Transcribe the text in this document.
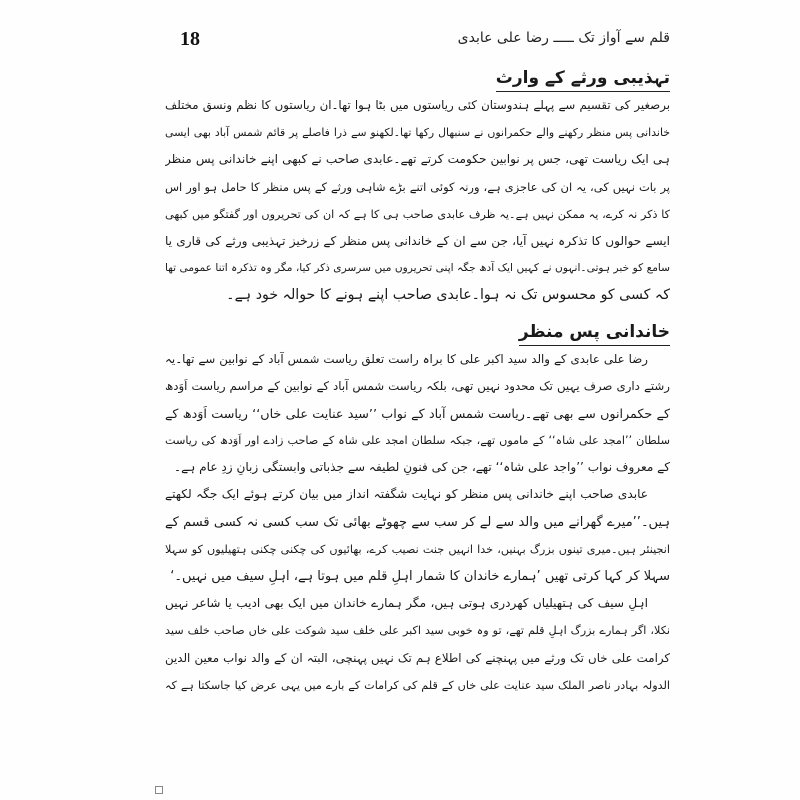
18	قلم سے آواز تک ـــــ رضا علی عابدی
تہذیبی ورثے کے وارث
برصغیر کی تقسیم سے پہلے ہندوستان کئی ریاستوں میں بٹا ہوا تھا۔ان ریاستوں کا نظم ونسق مختلف
خاندانی پس منظر رکھنے والے حکمرانوں نے سنبھال رکھا تھا۔لکھنو سے ذرا فاصلے پر قائم شمس آباد بھی ایسی
ہی ایک ریاست تھی، جس پر نوابین حکومت کرتے تھے۔عابدی صاحب نے کبھی اپنے خاندانی پس منظر
پر بات نہیں کی، یہ ان کی عاجزی ہے، ورنہ کوئی اتنے بڑے شاہی ورثے کے پس منظر کا حامل ہو اور اس
کا ذکر نہ کرے، یہ ممکن نہیں ہے۔یہ ظرف عابدی صاحب ہی کا ہے کہ ان کی تحریروں اور گفتگو میں کبھی
ایسے حوالوں کا تذکرہ نہیں آیا، جن سے ان کے خاندانی پس منظر کے زرخیز تہذیبی ورثے کی قاری یا
سامع کو خبر ہوتی۔انہوں نے کہیں ایک آدھ جگہ اپنی تحریروں میں سرسری ذکر کیا، مگر وہ تذکرہ اتنا عمومی تھا
کہ کسی کو محسوس تک نہ ہوا۔عابدی صاحب اپنے ہونے کا حوالہ خود ہے۔
خاندانی پس منظر
رضا علی عابدی کے والد سید اکبر علی کا براہ راست تعلق ریاست شمس آباد کے نوابین سے تھا۔یہ
رشتے داری صرف یہیں تک محدود نہیں تھی، بلکہ ریاست شمس آباد کے نوابین کے مراسم ریاست اَوَدھ
کے حکمرانوں سے بھی تھے۔ریاست شمس آباد کے نواب ’’سید عنایت علی خاں‘‘ ریاست اَوَدھ کے
سلطان ’’امجد علی شاہ‘‘ کے ماموں تھے، جبکہ سلطان امجد علی شاہ کے صاحب زادے اور اَوَدھ کی ریاست
کے معروف نواب ’’واجد علی شاہ‘‘ تھے، جن کی فنونِ لطیفہ سے جذباتی وابستگی زبانِ زدِ عام ہے۔
عابدی صاحب اپنے خاندانی پس منظر کو نہایت شگفتہ انداز میں بیان کرتے ہوئے ایک جگہ لکھتے
ہیں۔’’میرے گھرانے میں والد سے لے کر سب سے چھوٹے بھائی تک سب کسی نہ کسی قسم کے
انجینئر ہیں۔میری تینوں بزرگ بہنیں، خدا انہیں جنت نصیب کرے، بھائیوں کی چکنی چکنی ہتھیلیوں کو سہلا
سہلا کر کہا کرتی تھیں ’ہمارے خاندان کا شمار اہلِ قلم میں ہوتا ہے، اہلِ سیف میں نہیں۔‘
اہلِ سیف کی ہتھیلیاں کھردری ہوتی ہیں، مگر ہمارے خاندان میں ایک بھی ادیب یا شاعر نہیں
نکلا، اگر ہمارے بزرگ اہلِ قلم تھے، تو وہ خوبی سید اکبر علی خلف سید شوکت علی خاں صاحب خلف سید
کرامت علی خاں تک ورثے میں پہنچنے کی اطلاع ہم تک نہیں پہنچی، البتہ ان کے والد نواب معین الدین
الدولہ بہادر ناصر الملک سید عنایت علی خاں کے قلم کی کرامات کے بارے میں یہی عرض کیا جاسکتا ہے کہ
